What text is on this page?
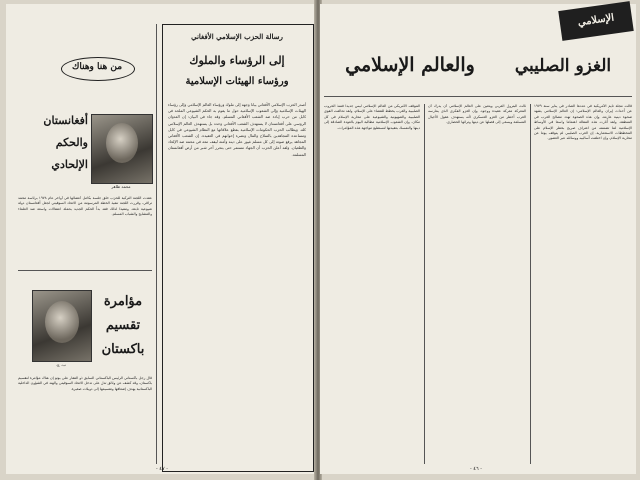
من هنا وهناك
محمد ظاهر
أفغانستان
والحكم
الإلحادي

عقدت اللجنة التركية للحزب خلق جلسة بكامل أعضائها في أواخر عام ١٩٧٨ برئاسة محمد تراقي، وقررت اللجنة تنفيذ الخطة المرسومة من الاتحاد السوفيتي لجعل أفغانستان دولة شيوعية تابعة. وتنفيذا لذلك فقد بدأ الحكم الجديد بحملة اعتقالات واسعة ضد العلماء والمشايخ والشباب المسلم.

ب. ع.
مؤامرة
تقسيم
باكستان

قال رجل باكستاني الرئيس الباكستاني السابق ذو الفقار علي بوتو إن هناك مؤامرة لتقسيم باكستان، وقد كشف عن وثائق تدل على تدخل الاتحاد السوفيتي والهند في الشؤون الداخلية الباكستانية بهدف إضعافها وتقسيمها إلى دويلات صغيرة.

رسالة الحزب الإسلامي الأفغاني
إلى الرؤساء والملوك
ورؤساء الهيئات الإسلامية

أصدر الحزب الإسلامي الأفغاني بيانا وجهه إلى ملوك ورؤساء العالم الإسلامي وإلى رؤساء الهيئات الإسلامية وإلى الشعوب الإسلامية حول ما يقوم به الحكم الشيوعي الملحد في كابل من حرب إبادة ضد الشعب الأفغاني المسلم. وقد جاء في البيان: إن العدوان الروسي على أفغانستان لا يستهدف الشعب الأفغاني وحده بل يستهدف العالم الإسلامي كله. ويطالب الحزب الحكومات الإسلامية بقطع علاقاتها مع النظام الشيوعي في كابل ومساعدة المجاهدين بالسلاح والمال ونصرة إخوانهم في العقيدة. إن الشعب الأفغاني المجاهد يرفع صوته إلى كل مسلم غيور على دينه وأمته ليقف معه في محنته ضد الإلحاد والطغيان. ولقد أعلن الحزب أن الجهاد مستمر حتى يتحرر آخر شبر من أرض أفغانستان المسلمة.

- ٤٧ -
الإسلامي
والعالم الإسلامي	الغزو الصليبي

قالت مجلة تايم الأمريكية في عددها الصادر في يناير سنة ١٩٧٩ عن أحداث إيران والعالم الإسلامي: إن العالم الإسلامي يشهد صحوة دينية عارمة، وإن هذه الصحوة تهدد مصالح الغرب في المنطقة. ولقد أثارت هذه المقالة اهتماما واسعا في الأوساط الإسلامية لما تضمنته من اعتراف صريح بخطر الإسلام على المخططات الاستعمارية. إن الغرب الصليبي لم يتوقف يوما عن محاربة الإسلام، وإن اختلفت أساليبه ووسائله عبر العصور.

ثالث البترول العربي ويتعين على العالم الإسلامي أن يدرك أن المعركة معركة عقيدة ووجود. وإن الغزو الفكري الذي يمارسه الغرب أخطر من الغزو العسكري لأنه يستهدف عقول الأجيال المسلمة ويسعى إلى فصلها عن دينها وتراثها الحضاري.

الموقف الأمريكي من العالم الإسلامي ليس جديدا فمنذ الحروب الصليبية والغرب يخطط للقضاء على الإسلام، ولقد تحالفت القوى الصليبية والصهيونية والشيوعية على محاربة الإسلام في كل مكان. وإن الشعوب الإسلامية مطالبة اليوم بالعودة الصادقة إلى دينها والتمسك بعقيدتها لتستطيع مواجهة هذه المؤامرات.

- ٤٦ -
